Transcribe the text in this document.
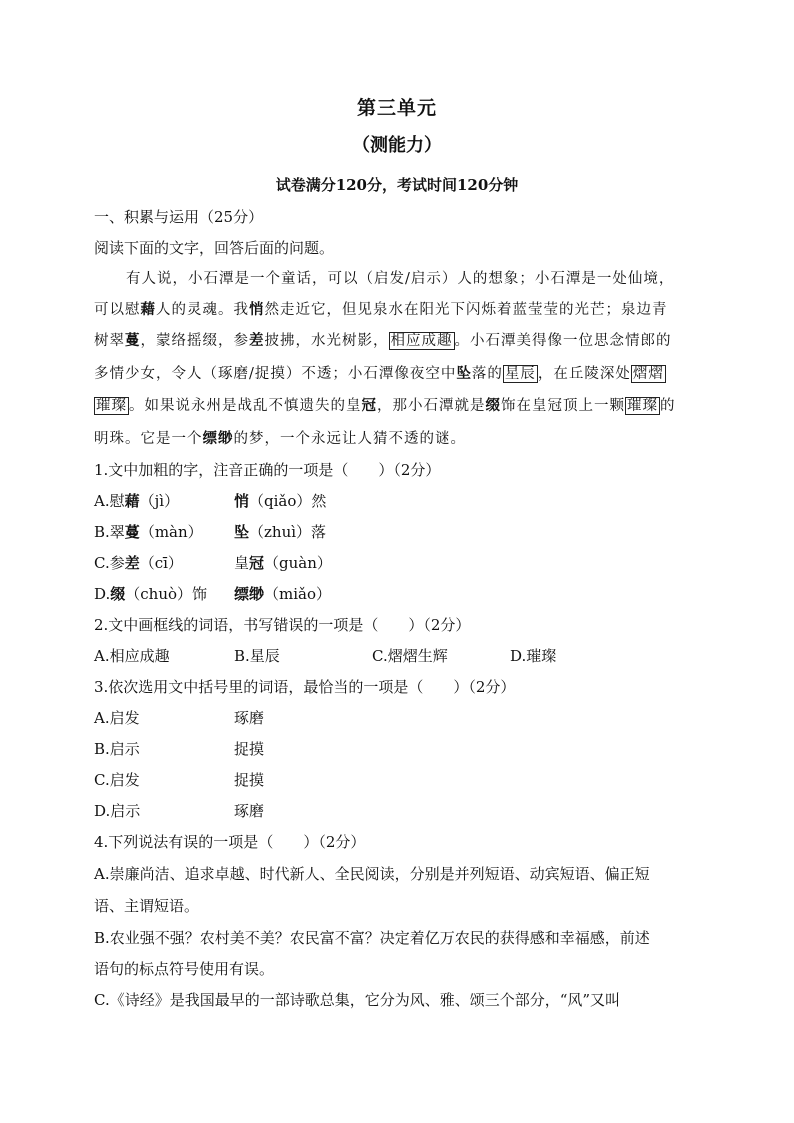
第三单元
（测能力）
试卷满分120分，考试时间120分钟
一、积累与运用（25分）
阅读下面的文字，回答后面的问题。
有人说，小石潭是一个童话，可以（启发/启示）人的想象；小石潭是一处仙境，
可以慰藉人的灵魂。我悄然走近它，但见泉水在阳光下闪烁着蓝莹莹的光芒；泉边青
树翠蔓，蒙络摇缀，参差披拂，水光树影， 相应成趣 。小石潭美得像一位思念情郎的
多情少女，令人（琢磨/捉摸）不透；小石潭像夜空中坠落的 星辰 ，在丘陵深处 熠熠
璀璨 。如果说永州是战乱不慎遗失的皇冠，那小石潭就是缀饰在皇冠顶上一颗 璀璨 的
明珠。它是一个缥缈的梦，一个永远让人猜不透的谜。
1.文中加粗的字，注音正确的一项是（　　）（2分）
A.慰藉（jì）	悄（qiǎo）然
B.翠蔓（màn） 坠（zhuì）落
C.参差（cī）	皇冠（guàn）
D.缀（chuò）饰 缥缈（miǎo）
2.文中画框线的词语，书写错误的一项是（　　）（2分）
A.相应成趣	B.星辰	C.熠熠生辉	D.璀璨
3.依次选用文中括号里的词语，最恰当的一项是（　　）（2分）
A.启发	琢磨
B.启示	捉摸
C.启发	捉摸
D.启示	琢磨
4.下列说法有误的一项是（　　）（2分）
A.崇廉尚洁、追求卓越、时代新人、全民阅读，分别是并列短语、动宾短语、偏正短
语、主谓短语。
B.农业强不强？农村美不美？农民富不富？决定着亿万农民的获得感和幸福感，前述
语句的标点符号使用有误。
C.《诗经》是我国最早的一部诗歌总集，它分为风、雅、颂三个部分，“风”又叫
